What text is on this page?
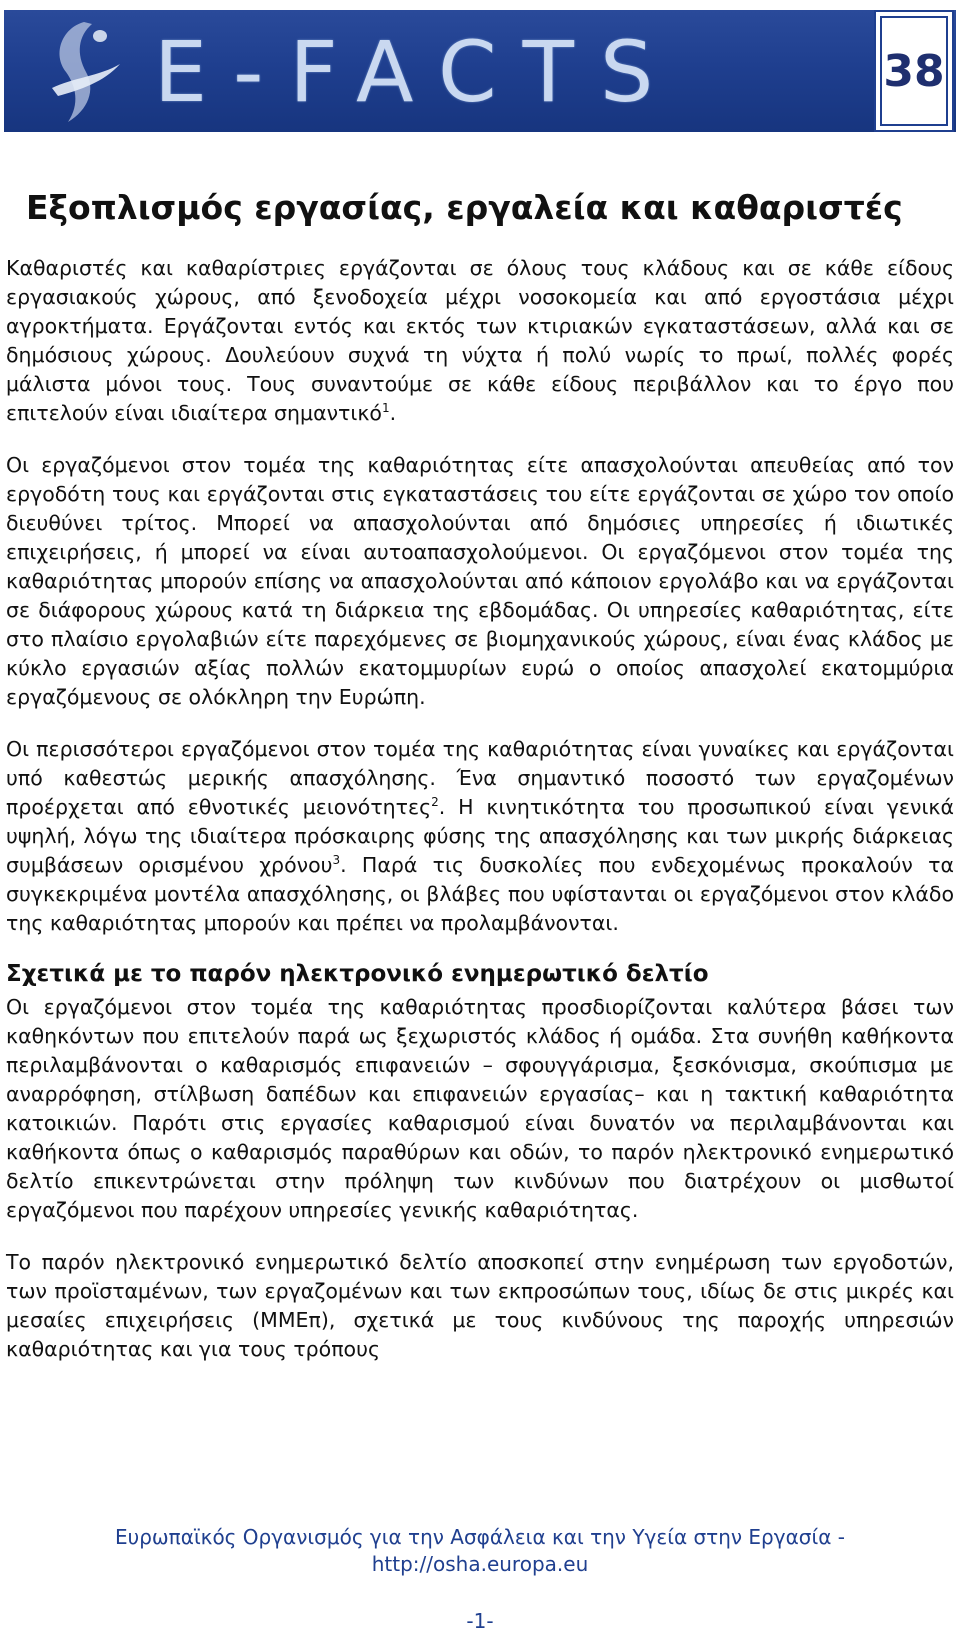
E-FACTS	38
Εξοπλισμός εργασίας, εργαλεία και καθαριστές

Καθαριστές και καθαρίστριες εργάζονται σε όλους τους κλάδους και σε κάθε είδους εργασιακούς χώρους, από ξενοδοχεία μέχρι νοσοκομεία και από εργοστάσια μέχρι αγροκτήματα. Εργάζονται εντός και εκτός των κτιριακών εγκαταστάσεων, αλλά και σε δημόσιους χώρους. Δουλεύουν συχνά τη νύχτα ή πολύ νωρίς το πρωί, πολλές φορές μάλιστα μόνοι τους. Τους συναντούμε σε κάθε είδους περιβάλλον και το έργο που επιτελούν είναι ιδιαίτερα σημαντικό$^1$.

Οι εργαζόμενοι στον τομέα της καθαριότητας είτε απασχολούνται απευθείας από τον εργοδότη τους και εργάζονται στις εγκαταστάσεις του είτε εργάζονται σε χώρο τον οποίο διευθύνει τρίτος. Μπορεί να απασχολούνται από δημόσιες υπηρεσίες ή ιδιωτικές επιχειρήσεις, ή μπορεί να είναι αυτοαπασχολούμενοι. Οι εργαζόμενοι στον τομέα της καθαριότητας μπορούν επίσης να απασχολούνται από κάποιον εργολάβο και να εργάζονται σε διάφορους χώρους κατά τη διάρκεια της εβδομάδας. Οι υπηρεσίες καθαριότητας, είτε στο πλαίσιο εργολαβιών είτε παρεχόμενες σε βιομηχανικούς χώρους, είναι ένας κλάδος με κύκλο εργασιών αξίας πολλών εκατομμυρίων ευρώ ο οποίος απασχολεί εκατομμύρια εργαζόμενους σε ολόκληρη την Ευρώπη.

Οι περισσότεροι εργαζόμενοι στον τομέα της καθαριότητας είναι γυναίκες και εργάζονται υπό καθεστώς μερικής απασχόλησης. Ένα σημαντικό ποσοστό των εργαζομένων προέρχεται από εθνοτικές μειονότητες$^2$. Η κινητικότητα του προσωπικού είναι γενικά υψηλή, λόγω της ιδιαίτερα πρόσκαιρης φύσης της απασχόλησης και των μικρής διάρκειας συμβάσεων ορισμένου χρόνου$^3$. Παρά τις δυσκολίες που ενδεχομένως προκαλούν τα συγκεκριμένα μοντέλα απασχόλησης, οι βλάβες που υφίστανται οι εργαζόμενοι στον κλάδο της καθαριότητας μπορούν και πρέπει να προλαμβάνονται.

Σχετικά με το παρόν ηλεκτρονικό ενημερωτικό δελτίο

Οι εργαζόμενοι στον τομέα της καθαριότητας προσδιορίζονται καλύτερα βάσει των καθηκόντων που επιτελούν παρά ως ξεχωριστός κλάδος ή ομάδα. Στα συνήθη καθήκοντα περιλαμβάνονται ο καθαρισμός επιφανειών – σφουγγάρισμα, ξεσκόνισμα, σκούπισμα με αναρρόφηση, στίλβωση δαπέδων και επιφανειών εργασίας– και η τακτική καθαριότητα κατοικιών. Παρότι στις εργασίες καθαρισμού είναι δυνατόν να περιλαμβάνονται και καθήκοντα όπως ο καθαρισμός παραθύρων και οδών, το παρόν ηλεκτρονικό ενημερωτικό δελτίο επικεντρώνεται στην πρόληψη των κινδύνων που διατρέχουν οι μισθωτοί εργαζόμενοι που παρέχουν υπηρεσίες γενικής καθαριότητας.

Το παρόν ηλεκτρονικό ενημερωτικό δελτίο αποσκοπεί στην ενημέρωση των εργοδοτών, των προϊσταμένων, των εργαζομένων και των εκπροσώπων τους, ιδίως δε στις μικρές και μεσαίες επιχειρήσεις (ΜΜΕπ), σχετικά με τους κινδύνους της παροχής υπηρεσιών καθαριότητας και για τους τρόπους

Ευρωπαϊκός Οργανισμός για την Ασφάλεια και την Υγεία στην Εργασία -
http://osha.europa.eu
-1-
